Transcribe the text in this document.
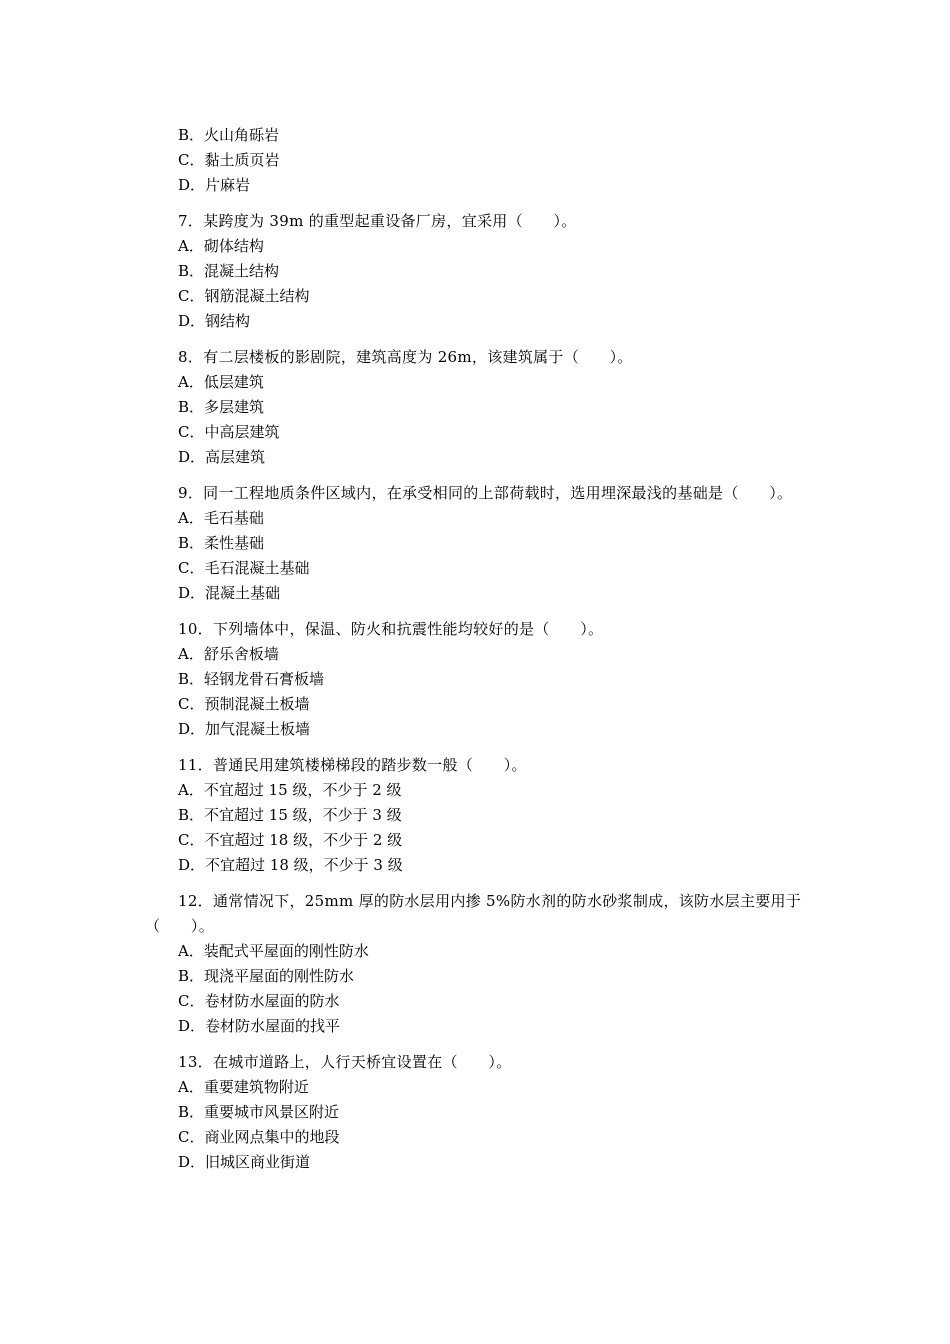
B．火山角砾岩
C．黏土质页岩
D．片麻岩
7．某跨度为 39m 的重型起重设备厂房，宜采用（　　）。
A．砌体结构
B．混凝土结构
C．钢筋混凝土结构
D．钢结构
8．有二层楼板的影剧院，建筑高度为 26m，该建筑属于（　　）。
A．低层建筑
B．多层建筑
C．中高层建筑
D．高层建筑
9．同一工程地质条件区域内，在承受相同的上部荷载时，选用埋深最浅的基础是（　　）。
A．毛石基础
B．柔性基础
C．毛石混凝土基础
D．混凝土基础
10．下列墙体中，保温、防火和抗震性能均较好的是（　　）。
A．舒乐舍板墙
B．轻钢龙骨石膏板墙
C．预制混凝土板墙
D．加气混凝土板墙
11．普通民用建筑楼梯梯段的踏步数一般（　　）。
A．不宜超过 15 级，不少于 2 级
B．不宜超过 15 级，不少于 3 级
C．不宜超过 18 级，不少于 2 级
D．不宜超过 18 级，不少于 3 级
12．通常情况下，25mm 厚的防水层用内掺 5%防水剂的防水砂浆制成，该防水层主要用于（　　）。
A．装配式平屋面的刚性防水
B．现浇平屋面的刚性防水
C．卷材防水屋面的防水
D．卷材防水屋面的找平
13．在城市道路上，人行天桥宜设置在（　　）。
A．重要建筑物附近
B．重要城市风景区附近
C．商业网点集中的地段
D．旧城区商业街道
